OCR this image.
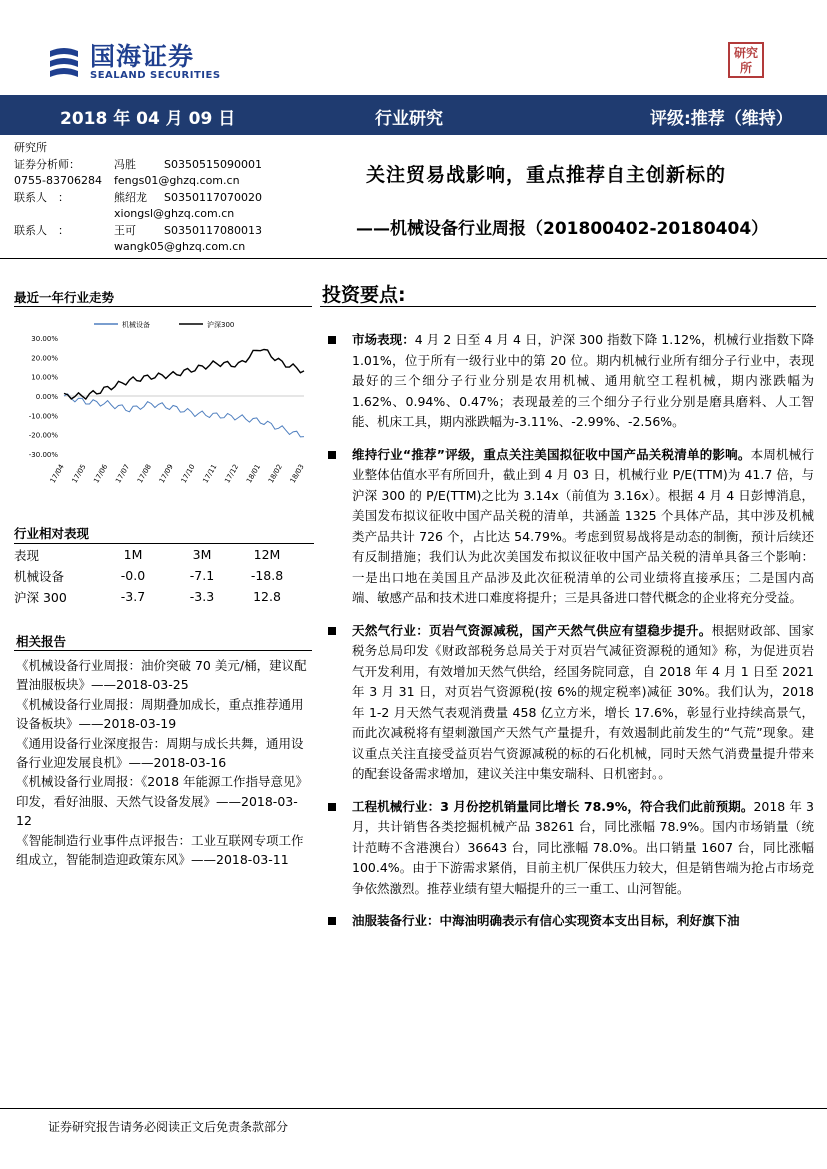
国海证券
SEALAND SECURITIES
研究
所
2018 年 04 月 09 日	行业研究	评级:推荐（维持）
研究所
证券分析师：	冯胜	S0350515090001
0755-83706284	fengs01@ghzq.com.cn
联系人　：	熊绍龙	S0350117070020
xiongsl@ghzq.com.cn
联系人　：	王可	S0350117080013
wangk05@ghzq.com.cn
关注贸易战影响，重点推荐自主创新标的
——机械设备行业周报（201800402-20180404）
最近一年行业走势
30.00%
20.00%
10.00%
0.00%
-10.00%
-20.00%
-30.00%
17/04 17/05 17/06 17/07 17/08 17/09 17/10 17/11 17/12 18/01 18/02 18/03
机械设备	沪深300
行业相对表现
表现	1M	3M	12M
机械设备	-0.0	-7.1	-18.8
沪深 300	-3.7	-3.3	12.8
相关报告
《机械设备行业周报：油价突破 70 美元/桶，建议配置油服板块》——2018-03-25
《机械设备行业周报：周期叠加成长，重点推荐通用设备板块》——2018-03-19
《通用设备行业深度报告：周期与成长共舞，通用设备行业迎发展良机》——2018-03-16
《机械设备行业周报：《2018 年能源工作指导意见》印发，看好油服、天然气设备发展》——2018-03-12
《智能制造行业事件点评报告：工业互联网专项工作组成立，智能制造迎政策东风》——2018-03-11
投资要点:
市场表现：4 月 2 日至 4 月 4 日，沪深 300 指数下降 1.12%，机械行业指数下降 1.01%，位于所有一级行业中的第 20 位。期内机械行业所有细分子行业中，表现最好的三个细分子行业分别是农用机械、通用航空工程机械，期内涨跌幅为 1.62%、0.94%、0.47%；表现最差的三个细分子行业分别是磨具磨料、人工智能、机床工具，期内涨跌幅为-3.11%、-2.99%、-2.56%。
维持行业“推荐”评级，重点关注美国拟征收中国产品关税清单的影响。本周机械行业整体估值水平有所回升，截止到 4 月 03 日，机械行业 P/E(TTM)为 41.7 倍，与沪深 300 的 P/E(TTM)之比为 3.14x（前值为 3.16x）。根据 4 月 4 日彭博消息，美国发布拟议征收中国产品关税的清单，共涵盖 1325 个具体产品，其中涉及机械类产品共计 726 个，占比达 54.79%。考虑到贸易战将是动态的制衡，预计后续还有反制措施；我们认为此次美国发布拟议征收中国产品关税的清单具备三个影响：一是出口地在美国且产品涉及此次征税清单的公司业绩将直接承压；二是国内高端、敏感产品和技术进口难度将提升；三是具备进口替代概念的企业将充分受益。
天然气行业：页岩气资源减税，国产天然气供应有望稳步提升。根据财政部、国家税务总局印发《财政部税务总局关于对页岩气减征资源税的通知》称，为促进页岩气开发利用，有效增加天然气供给，经国务院同意，自 2018 年 4 月 1 日至 2021 年 3 月 31 日，对页岩气资源税(按 6%的规定税率)减征 30%。我们认为，2018 年 1-2 月天然气表观消费量 458 亿立方米，增长 17.6%，彰显行业持续高景气，而此次减税将有望刺激国产天然气产量提升，有效遏制此前发生的“气荒”现象。建议重点关注直接受益页岩气资源减税的标的石化机械，同时天然气消费量提升带来的配套设备需求增加，建议关注中集安瑞科、日机密封。。
工程机械行业：3 月份挖机销量同比增长 78.9%，符合我们此前预期。2018 年 3 月，共计销售各类挖掘机械产品 38261 台，同比涨幅 78.9%。国内市场销量（统计范畴不含港澳台）36643 台，同比涨幅 78.0%。出口销量 1607 台，同比涨幅 100.4%。由于下游需求紧俏，目前主机厂保供压力较大，但是销售端为抢占市场竞争依然激烈。推荐业绩有望大幅提升的三一重工、山河智能。
油服装备行业：中海油明确表示有信心实现资本支出目标，利好旗下油
证券研究报告请务必阅读正文后免责条款部分
